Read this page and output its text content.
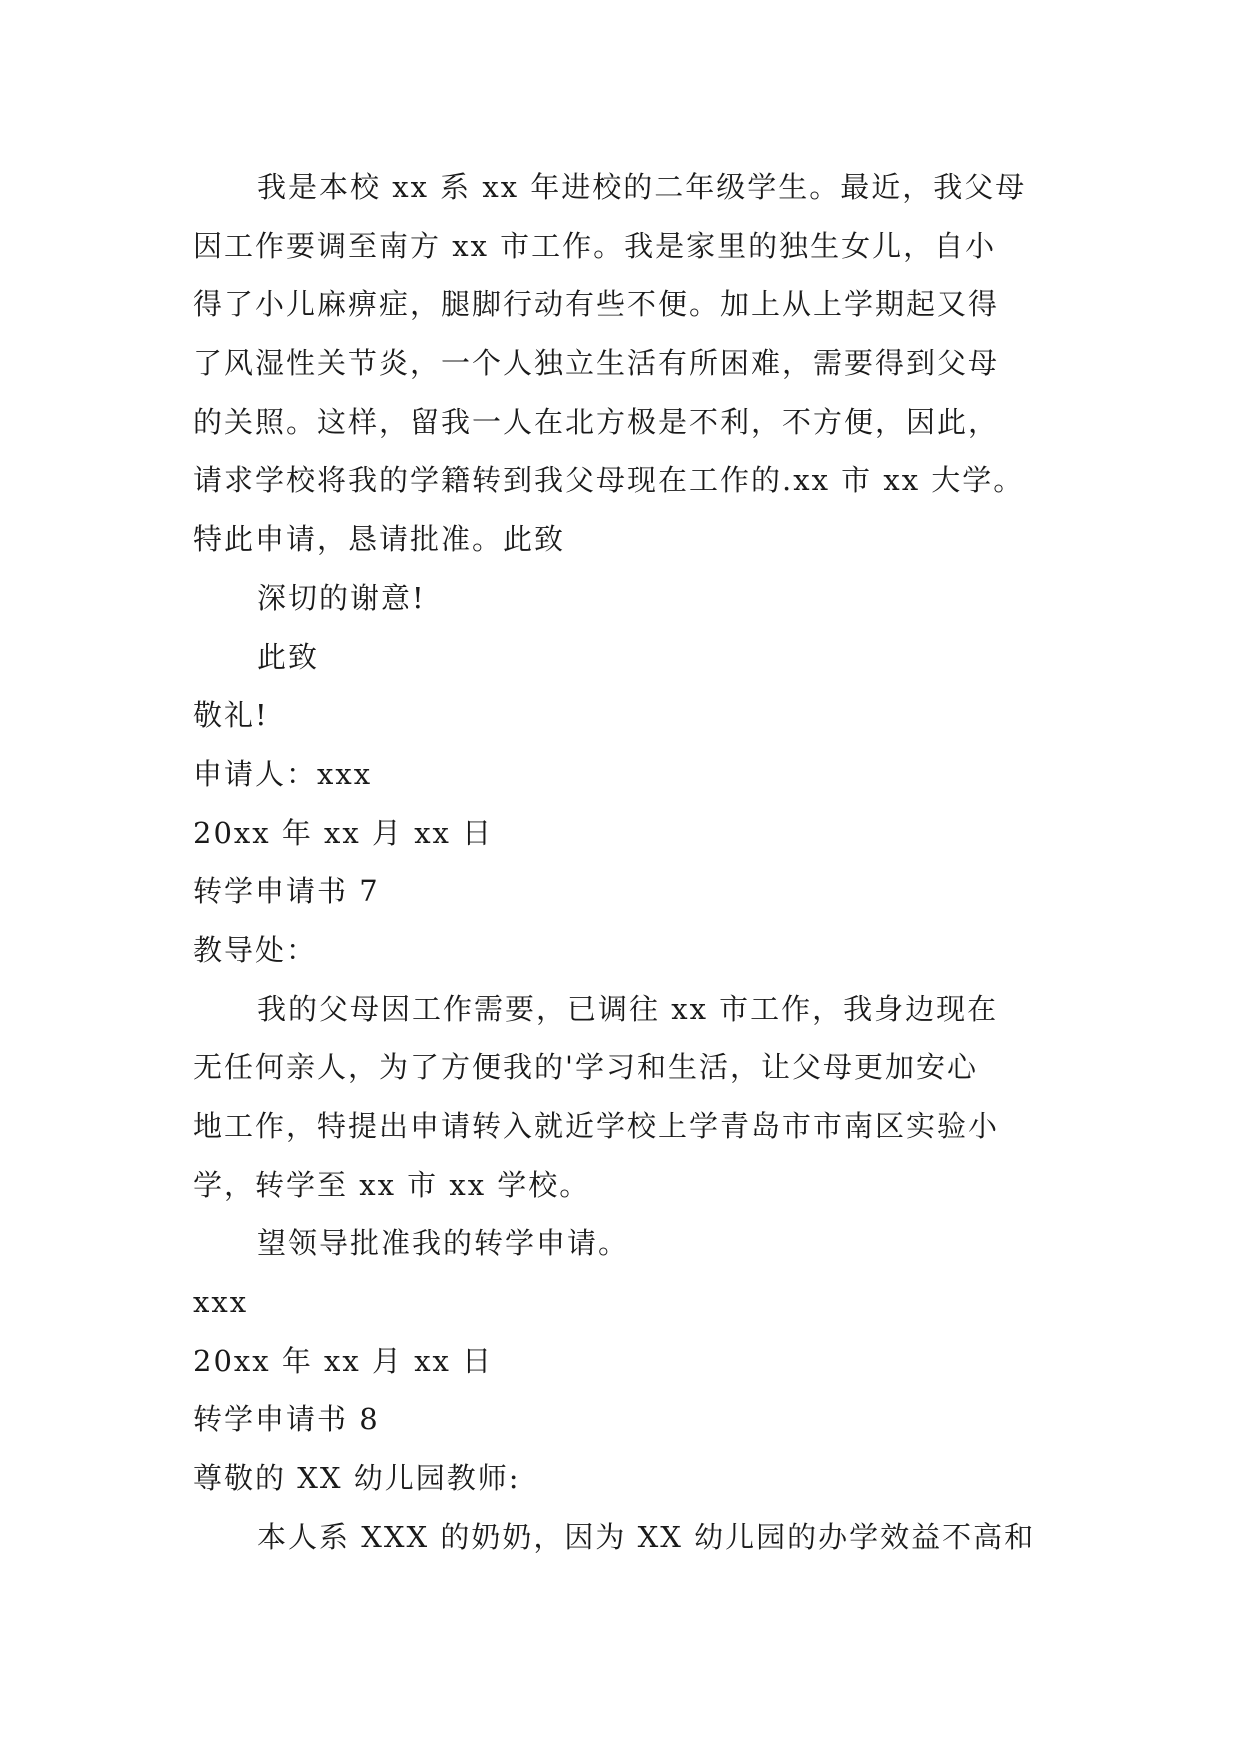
我是本校 xx 系 xx 年进校的二年级学生。最近，我父母
因工作要调至南方 xx 市工作。我是家里的独生女儿，自小
得了小儿麻痹症，腿脚行动有些不便。加上从上学期起又得
了风湿性关节炎，一个人独立生活有所困难，需要得到父母
的关照。这样，留我一人在北方极是不利，不方便，因此，
请求学校将我的学籍转到我父母现在工作的.xx 市 xx 大学。
特此申请，恳请批准。此致
深切的谢意!
此致
敬礼!
申请人：xxx
20xx 年 xx 月 xx 日
转学申请书 7
教导处：
我的父母因工作需要，已调往 xx 市工作，我身边现在
无任何亲人，为了方便我的'学习和生活，让父母更加安心
地工作，特提出申请转入就近学校上学青岛市市南区实验小
学，转学至 xx 市 xx 学校。
望领导批准我的转学申请。
xxx
20xx 年 xx 月 xx 日
转学申请书 8
尊敬的 XX 幼儿园教师:
本人系 XXX 的奶奶，因为 XX 幼儿园的办学效益不高和
